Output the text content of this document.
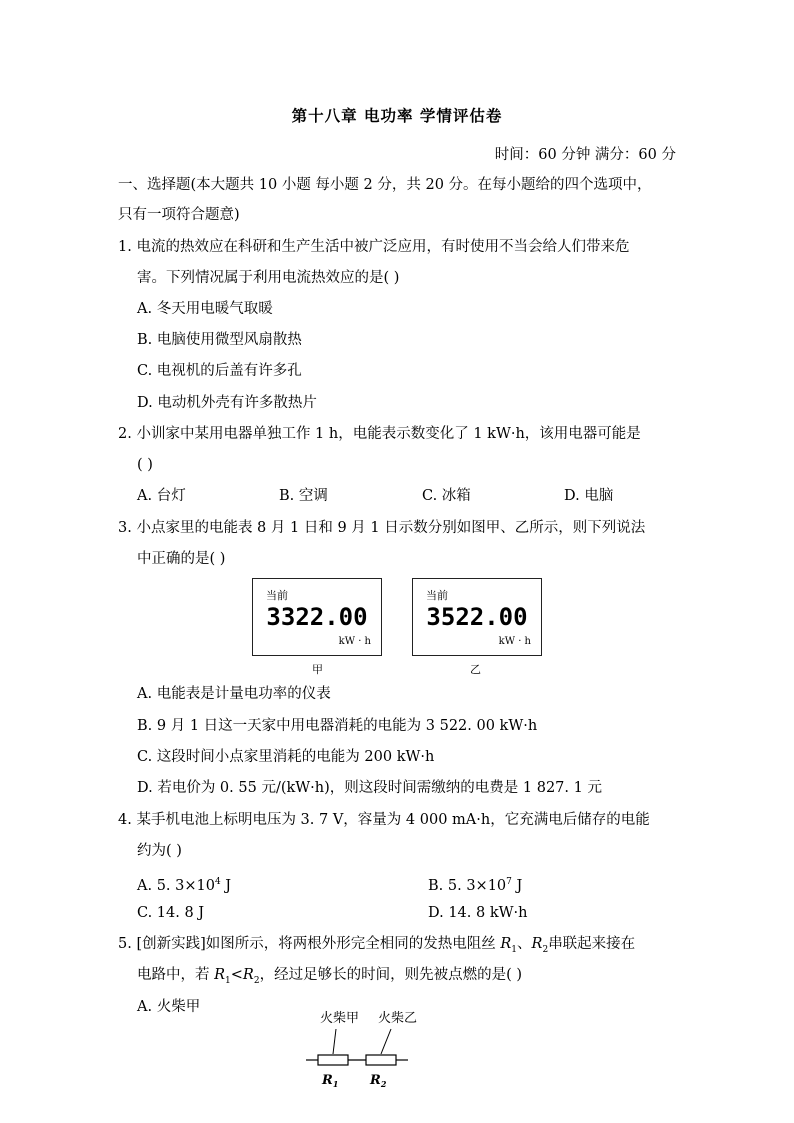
第十八章 电功率 学情评估卷
时间：60 分钟 满分：60 分
一、选择题(本大题共 10 小题 每小题 2 分，共 20 分。在每小题给的四个选项中，
只有一项符合题意)
1. 电流的热效应在科研和生产生活中被广泛应用，有时使用不当会给人们带来危
害。下列情况属于利用电流热效应的是( )
A. 冬天用电暖气取暖
B. 电脑使用微型风扇散热
C. 电视机的后盖有许多孔
D. 电动机外壳有许多散热片
2. 小训家中某用电器单独工作 1 h，电能表示数变化了 1 kW·h，该用电器可能是
( )
A. 台灯	B. 空调	C. 冰箱	D. 电脑
3. 小点家里的电能表 8 月 1 日和 9 月 1 日示数分别如图甲、乙所示，则下列说法
中正确的是( )
当前
3322.00
kW · h
甲
当前
3522.00
kW · h
乙
A. 电能表是计量电功率的仪表
B. 9 月 1 日这一天家中用电器消耗的电能为 3 522. 00 kW·h
C. 这段时间小点家里消耗的电能为 200 kW·h
D. 若电价为 0. 55 元/(kW·h)，则这段时间需缴纳的电费是 1 827. 1 元
4. 某手机电池上标明电压为 3. 7 V，容量为 4 000 mA·h，它充满电后储存的电能
约为( )
A. 5. $3\times 10^4$ J	B. 5. $3\times 10^7$ J
C. 14. 8 J	D. 14. 8 kW·h
5. [创新实践]如图所示，将两根外形完全相同的发热电阻丝 $R_1$、$R_2$串联起来接在
电路中，若 $R_1<R_2$，经过足够长的时间，则先被点燃的是( )
A. 火柴甲
火柴甲 火柴乙
$R_1$ $R_2$
